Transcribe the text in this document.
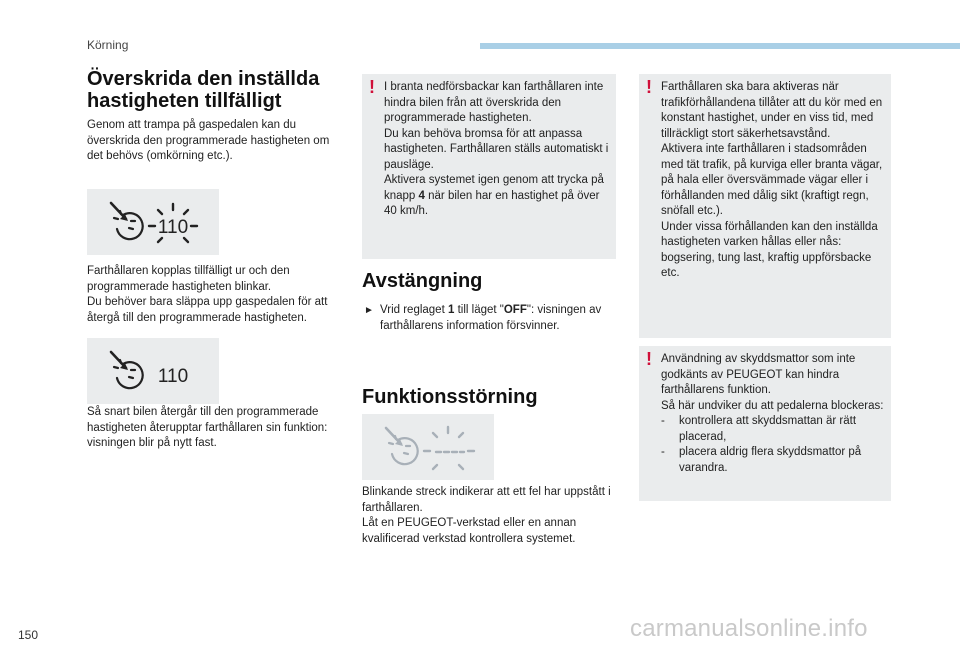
Körning
Överskrida den inställda hastigheten tillfälligt

Genom att trampa på gaspedalen kan du överskrida den programmerade hastigheten om det behövs (omkörning etc.).

110

Farthållaren kopplas tillfälligt ur och den programmerade hastigheten blinkar.
Du behöver bara släppa upp gaspedalen för att återgå till den programmerade hastigheten.

110

Så snart bilen återgår till den programmerade hastigheten återupptar farthållaren sin funktion: visningen blir på nytt fast.

! I branta nedförsbackar kan farthållaren inte hindra bilen från att överskrida den programmerade hastigheten.
Du kan behöva bromsa för att anpassa hastigheten. Farthållaren ställs automatiskt i pausläge.
Aktivera systemet igen genom att trycka på knapp 4 när bilen har en hastighet på över 40 km/h.
Avstängning
► Vrid reglaget 1 till läget "OFF": visningen av farthållarens information försvinner.
Funktionsstörning

Blinkande streck indikerar att ett fel har uppstått i farthållaren.
Låt en PEUGEOT-verkstad eller en annan kvalificerad verkstad kontrollera systemet.

! Farthållaren ska bara aktiveras när trafikförhållandena tillåter att du kör med en konstant hastighet, under en viss tid, med tillräckligt stort säkerhetsavstånd.
Aktivera inte farthållaren i stadsområden med tät trafik, på kurviga eller branta vägar, på hala eller översvämmade vägar eller i förhållanden med dålig sikt (kraftigt regn, snöfall etc.).
Under vissa förhållanden kan den inställda hastigheten varken hållas eller nås: bogsering, tung last, kraftig uppförsbacke etc.
! Användning av skyddsmattor som inte godkänts av PEUGEOT kan hindra farthållarens funktion.
Så här undviker du att pedalerna blockeras:
- kontrollera att skyddsmattan är rätt placerad,
- placera aldrig flera skyddsmattor på varandra.
150	carmanualsonline.info
